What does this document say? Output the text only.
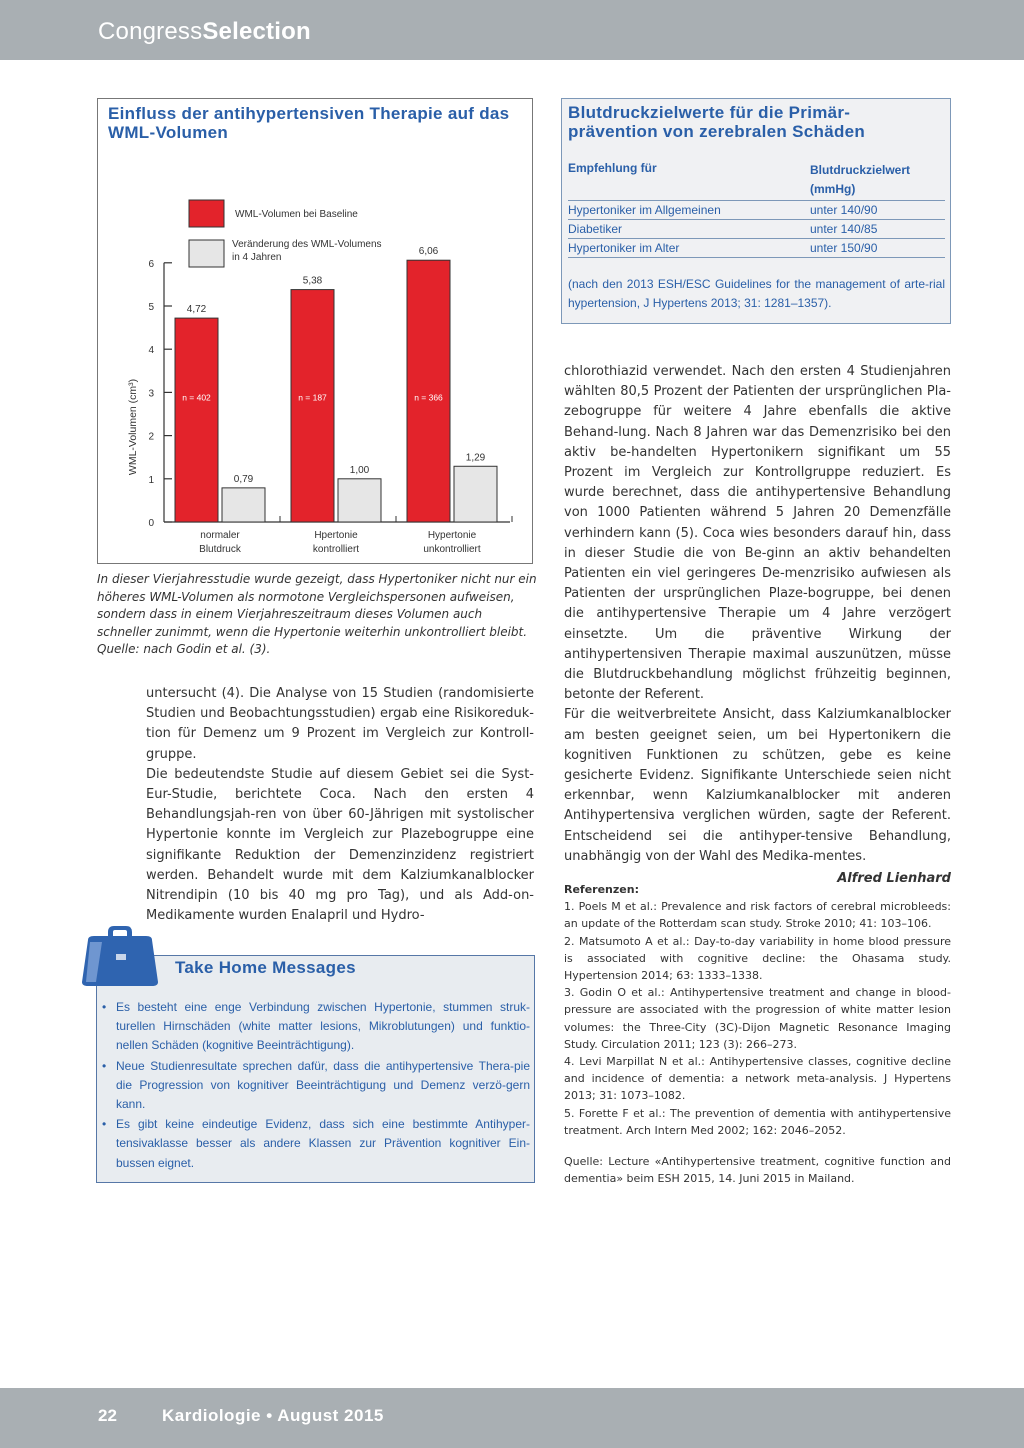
CongressSelection
Einfluss der antihypertensiven Therapie auf das WML-Volumen
0
1
2
3
4
5
6
WML-Volumen (cm³)
4,72
n = 402
0,79
normaler
Blutdruck
5,38
n = 187
1,00
Hpertonie
kontrolliert
6,06
n = 366
1,29
Hypertonie
unkontrolliert
WML-Volumen bei Baseline
Veränderung des WML-Volumens
in 4 Jahren
In dieser Vierjahresstudie wurde gezeigt, dass Hypertoniker nicht nur ein höheres WML-Volumen als normotone Vergleichspersonen aufweisen, sondern dass in einem Vierjahreszeitraum dieses Volumen auch schneller zunimmt, wenn die Hypertonie weiterhin unkontrolliert bleibt. Quelle: nach Godin et al. (3).
Blutdruckzielwerte für die Primär-
prävention von zerebralen Schäden
Empfehlung für	Blutdruckzielwert
(mmHg)
Hypertoniker im Allgemeinen	unter 140/90
Diabetiker	unter 140/85
Hypertoniker im Alter	unter 150/90
(nach den 2013 ESH/ESC Guidelines for the management of arte-rial hypertension, J Hypertens 2013; 31: 1281–1357).

untersucht (4). Die Analyse von 15 Studien (randomisierte Studien und Beobachtungsstudien) ergab eine Risikoreduk-tion für Demenz um 9 Prozent im Vergleich zur Kontroll-gruppe.

Die bedeutendste Studie auf diesem Gebiet sei die Syst-Eur-Studie, berichtete Coca. Nach den ersten 4 Behandlungsjah-ren von über 60-Jährigen mit systolischer Hypertonie konnte im Vergleich zur Plazebogruppe eine signifikante Reduktion der Demenzinzidenz registriert werden. Behandelt wurde mit dem Kalziumkanalblocker Nitrendipin (10 bis 40 mg pro Tag), und als Add-on-Medikamente wurden Enalapril und Hydro-

chlorothiazid verwendet. Nach den ersten 4 Studienjahren wählten 80,5 Prozent der Patienten der ursprünglichen Pla-zebogruppe für weitere 4 Jahre ebenfalls die aktive Behand-lung. Nach 8 Jahren war das Demenzrisiko bei den aktiv be-handelten Hypertonikern signifikant um 55 Prozent im Vergleich zur Kontrollgruppe reduziert. Es wurde berechnet, dass die antihypertensive Behandlung von 1000 Patienten während 5 Jahren 20 Demenzfälle verhindern kann (5). Coca wies besonders darauf hin, dass in dieser Studie die von Be-ginn an aktiv behandelten Patienten ein viel geringeres De-menzrisiko aufwiesen als Patienten der ursprünglichen Plaze-bogruppe, bei denen die antihypertensive Therapie um 4 Jahre verzögert einsetzte. Um die präventive Wirkung der antihypertensiven Therapie maximal auszunützen, müsse die Blutdruckbehandlung möglichst frühzeitig beginnen, betonte der Referent.

Für die weitverbreitete Ansicht, dass Kalziumkanalblocker am besten geeignet seien, um bei Hypertonikern die kognitiven Funktionen zu schützen, gebe es keine gesicherte Evidenz. Signifikante Unterschiede seien nicht erkennbar, wenn Kalziumkanalblocker mit anderen Antihypertensiva verglichen würden, sagte der Referent. Entscheidend sei die antihyper-tensive Behandlung, unabhängig von der Wahl des Medika-mentes.

Alfred Lienhard

Referenzen:

1. Poels M et al.: Prevalence and risk factors of cerebral microbleeds: an update of the Rotterdam scan study. Stroke 2010; 41: 103–106.

2. Matsumoto A et al.: Day-to-day variability in home blood pressure is associated with cognitive decline: the Ohasama study. Hypertension 2014; 63: 1333–1338.

3. Godin O et al.: Antihypertensive treatment and change in blood-pressure are associated with the progression of white matter lesion volumes: the Three-City (3C)-Dijon Magnetic Resonance Imaging Study. Circulation 2011; 123 (3): 266–273.

4. Levi Marpillat N et al.: Antihypertensive classes, cognitive decline and incidence of dementia: a network meta-analysis. J Hypertens 2013; 31: 1073–1082.

5. Forette F et al.: The prevention of dementia with antihypertensive treatment. Arch Intern Med 2002; 162: 2046–2052.

Quelle: Lecture «Antihypertensive treatment, cognitive function and dementia» beim ESH 2015, 14. Juni 2015 in Mailand.

Take Home Messages
• Es besteht eine enge Verbindung zwischen Hypertonie, stummen struk-turellen Hirnschäden (white matter lesions, Mikroblutungen) und funktio-nellen Schäden (kognitive Beeinträchtigung).
• Neue Studienresultate sprechen dafür, dass die antihypertensive Thera-pie die Progression von kognitiver Beeinträchtigung und Demenz verzö-gern kann.
• Es gibt keine eindeutige Evidenz, dass sich eine bestimmte Antihyper-tensivaklasse besser als andere Klassen zur Prävention kognitiver Ein-bussen eignet.
22	Kardiologie • August 2015
